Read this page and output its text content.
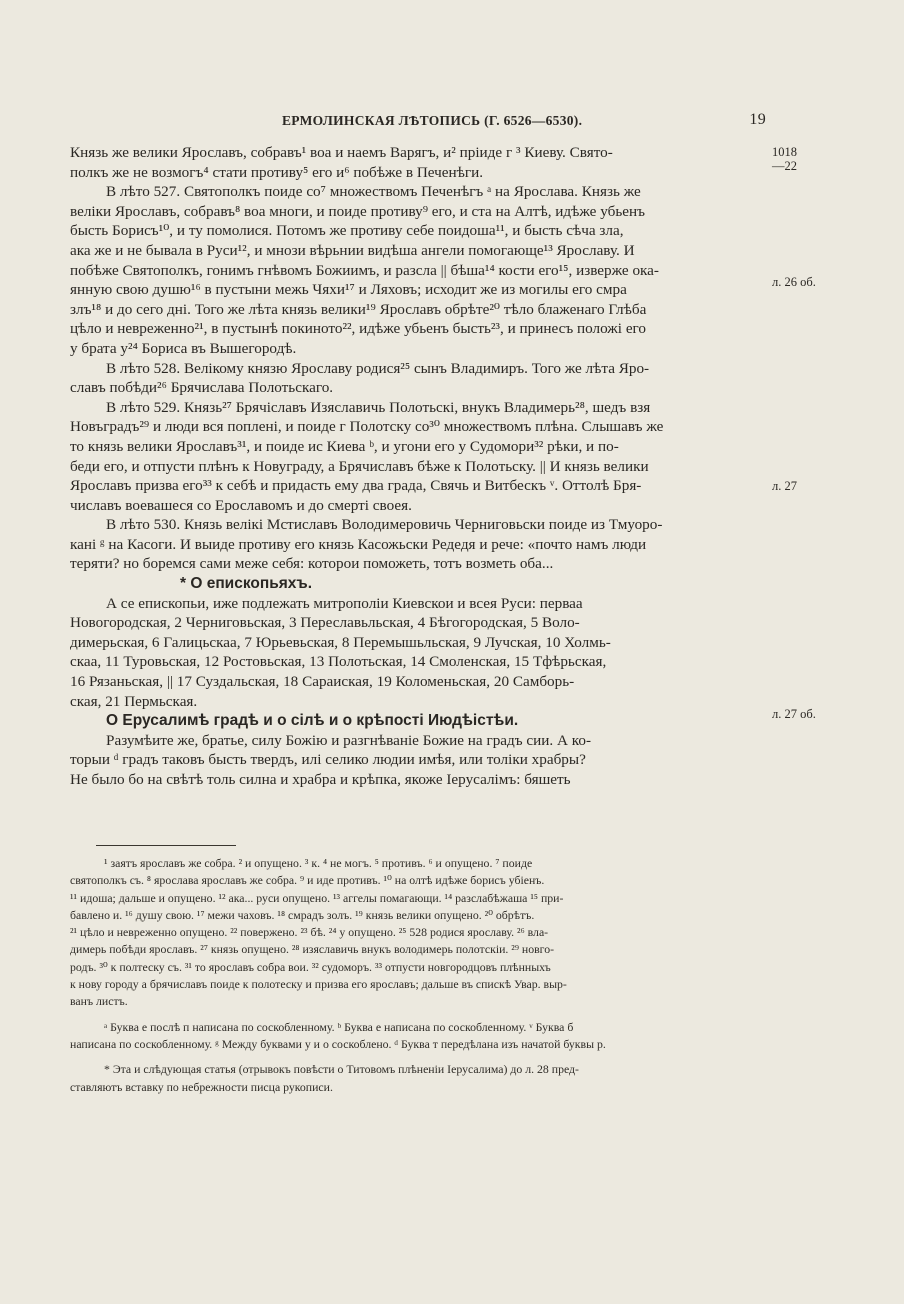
ЕРМОЛИНСКАЯ ЛѢТОПИСЬ (Г. 6526—6530).	19
Князь же велики Ярославъ, собравъ¹ воа и наемъ Варягъ, и² пріиде г ³ Киеву. Свято-
полкъ же не возмогъ⁴ стати противу⁵ его и⁶ побѣже в Печенѣги.
В лѣто 527. Святополкъ поиде со⁷ множествомъ Печенѣгъ ᵃ на Ярослава. Князь же
веліки Ярославъ, собравъ⁸ воа многи, и поиде противу⁹ его, и ста на Алтѣ, идѣже убьенъ
бысть Борисъ¹⁰, и ту помолися. Потомъ же противу себе поидоша¹¹, и бысть сѣча зла,
ака же и не бывала в Руси¹², и мнози вѣрьнии видѣша ангели помогающе¹³ Ярославу. И
побѣже Святополкъ, гонимъ гнѣвомъ Божиимъ, и разсла || бѣша¹⁴ кости его¹⁵, изверже ока-
янную свою душю¹⁶ в пустыни межь Чяхи¹⁷ и Ляховъ; исходит же из могилы его смра
злъ¹⁸ и до сего дні. Того же лѣта князь велики¹⁹ Ярославъ обрѣте²⁰ тѣло блаженаго Глѣба
цѣло и невреженно²¹, в пустынѣ покиното²², идѣже убьенъ бысть²³, и принесъ положі его
у брата у²⁴ Бориса въ Вышегородѣ.
В лѣто 528. Велікому князю Ярославу родися²⁵ сынъ Владимиръ. Того же лѣта Яро-
славъ побѣди²⁶ Брячислава Полотьскаго.
В лѣто 529. Князь²⁷ Брячіславъ Изяславичь Полотьскі, внукъ Владимерь²⁸, шедъ взя
Новъградъ²⁹ и люди вся поплені, и поиде г Полотску со³⁰ множествомъ плѣна. Слышавъ же
то князь велики Ярославъ³¹, и поиде ис Киева ᵇ, и угони его у Судомори³² рѣки, и по-
беди его, и отпусти плѣнъ к Новуграду, а Брячиславъ бѣже к Полотьску. || И князь велики
Ярославъ призва его³³ к себѣ и придасть ему два града, Свячь и Витбескъ ᵛ. Оттолѣ Бря-
числавъ воевашеся со Ерославомъ и до смерті своея.
В лѣто 530. Князь велікі Мстиславъ Володимеровичь Черниговьски поиде из Тмуоро-
кані ᵍ на Касоги. И выиде противу его князь Касожьски Редедя и рече: «почто намъ люди
теряти? но боремся сами меже себя: которои поможеть, тотъ возметь оба...
* О епископьяхъ.
А се епископьи, иже подлежать митрополіи Киевскои и всея Руси: перваа
Новогородская, 2 Черниговьская, 3 Переславьльская, 4 Бѣгогородская, 5 Воло-
димерьская, 6 Галицьскаа, 7 Юрьевьская, 8 Перемышьльская, 9 Лучская, 10 Холмь-
скаа, 11 Туровьская, 12 Ростовьская, 13 Полотьская, 14 Смоленская, 15 Тфѣрьская,
16 Рязаньская, || 17 Суздальская, 18 Сараиская, 19 Коломеньская, 20 Самборь-
ская, 21 Пермьская.
О Ерусалимѣ градѣ и о сілѣ и о крѣпості Июдѣістѣи.
Разумѣите же, братье, силу Божію и разгнѣваніе Божие на градъ сии. А ко-
торыи ᵈ градъ таковъ бысть твердъ, илі селико людии имѣя, или толіки храбры?
Не было бо на свѣтѣ толь силна и храбра и крѣпка, якоже Іерусалімъ: бяшеть
1018
—22
л. 26 об.
л. 27
л. 27 об.
¹ заятъ ярославъ же собра. ² и опущено. ³ к. ⁴ не могъ. ⁵ противъ. ⁶ и опущено. ⁷ поиде
святополкъ съ. ⁸ ярослава ярославъ же собра. ⁹ и иде противъ. ¹⁰ на олтѣ идѣже борисъ убіенъ.
¹¹ идоша; дальше и опущено. ¹² ака... руси опущено. ¹³ аггелы помагающи. ¹⁴ разслабѣжаша ¹⁵ при-
бавлено и. ¹⁶ душу свою. ¹⁷ межи чаховъ. ¹⁸ смрадъ золъ. ¹⁹ князь велики опущено. ²⁰ обрѣтъ.
²¹ цѣло и невреженно опущено. ²² повержено. ²³ бѣ. ²⁴ у опущено. ²⁵ 528 родися ярославу. ²⁶ вла-
димерь побѣди ярославъ. ²⁷ князь опущено. ²⁸ изяславичь внукъ володимерь полотскіи. ²⁹ новго-
родъ. ³⁰ к полтеску съ. ³¹ то ярославъ собра вои. ³² судоморъ. ³³ отпусти новгородцовъ плѣнныхъ
к нову городу а брячиславъ поиде к полотеску и призва его ярославъ; дальше въ спискѣ Увар. выр-
ванъ листъ.
ᵃ Буква е послѣ п написана по соскобленному. ᵇ Буква е написана по соскобленному. ᵛ Буква б
написана по соскобленному. ᵍ Между буквами у и о соскоблено. ᵈ Буква т передѣлана изъ начатой буквы р.
* Эта и слѣдующая статья (отрывокъ повѣсти о Титовомъ плѣненіи Іерусалима) до л. 28 пред-
ставляютъ вставку по небрежности писца рукописи.
